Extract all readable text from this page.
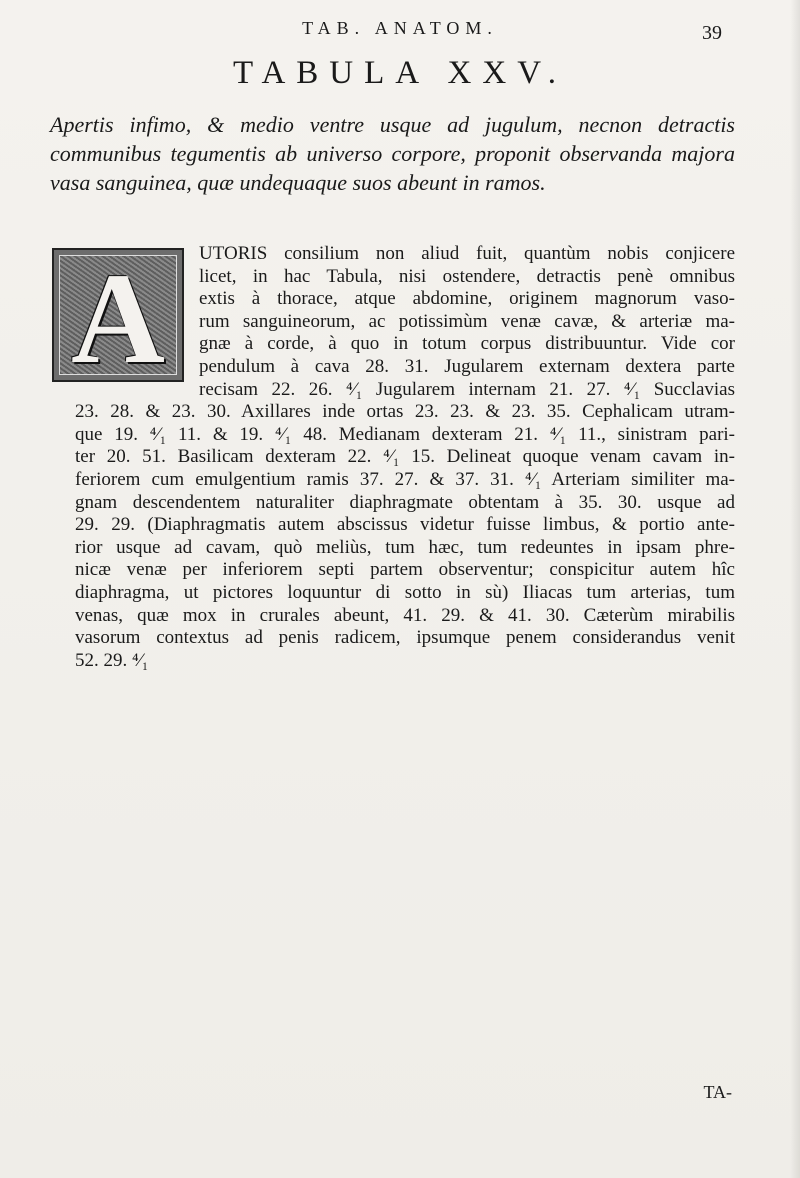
TAB. ANATOM.	39
TABULA XXV.
Apertis infimo, & medio ventre usque ad jugulum, necnon detractis communibus tegumentis ab universo corpore, proponit observanda majora vasa sanguinea, quæ undequaque suos abeunt in ramos.
A	UTORIS consilium non aliud fuit, quantùm nobis conjicere
licet, in hac Tabula, nisi ostendere, detractis penè omnibus
extis à thorace, atque abdomine, originem magnorum vaso-
rum sanguineorum, ac potissimùm venæ cavæ, & arteriæ ma-
gnæ à corde, à quo in totum corpus distribuuntur. Vide cor
pendulum à cava 28. 31. Jugularem externam dextera parte
recisam 22. 26. ⁴⁄₁ Jugularem internam 21. 27. ⁴⁄₁ Succlavias
23. 28. & 23. 30. Axillares inde ortas 23. 23. & 23. 35. Cephalicam utram-
que 19. ⁴⁄₁ 11. & 19. ⁴⁄₁ 48. Medianam dexteram 21. ⁴⁄₁ 11., sinistram pari-
ter 20. 51. Basilicam dexteram 22. ⁴⁄₁ 15. Delineat quoque venam cavam in-
feriorem cum emulgentium ramis 37. 27. & 37. 31. ⁴⁄₁ Arteriam similiter ma-
gnam descendentem naturaliter diaphragmate obtentam à 35. 30. usque ad
29. 29. (Diaphragmatis autem abscissus videtur fuisse limbus, & portio ante-
rior usque ad cavam, quò meliùs, tum hæc, tum redeuntes in ipsam phre-
nicæ venæ per inferiorem septi partem observentur; conspicitur autem hîc
diaphragma, ut pictores loquuntur di sotto in sù) Iliacas tum arterias, tum
venas, quæ mox in crurales abeunt, 41. 29. & 41. 30. Cæterùm mirabilis
vasorum contextus ad penis radicem, ipsumque penem considerandus venit
52. 29. ⁴⁄₁
TA-
